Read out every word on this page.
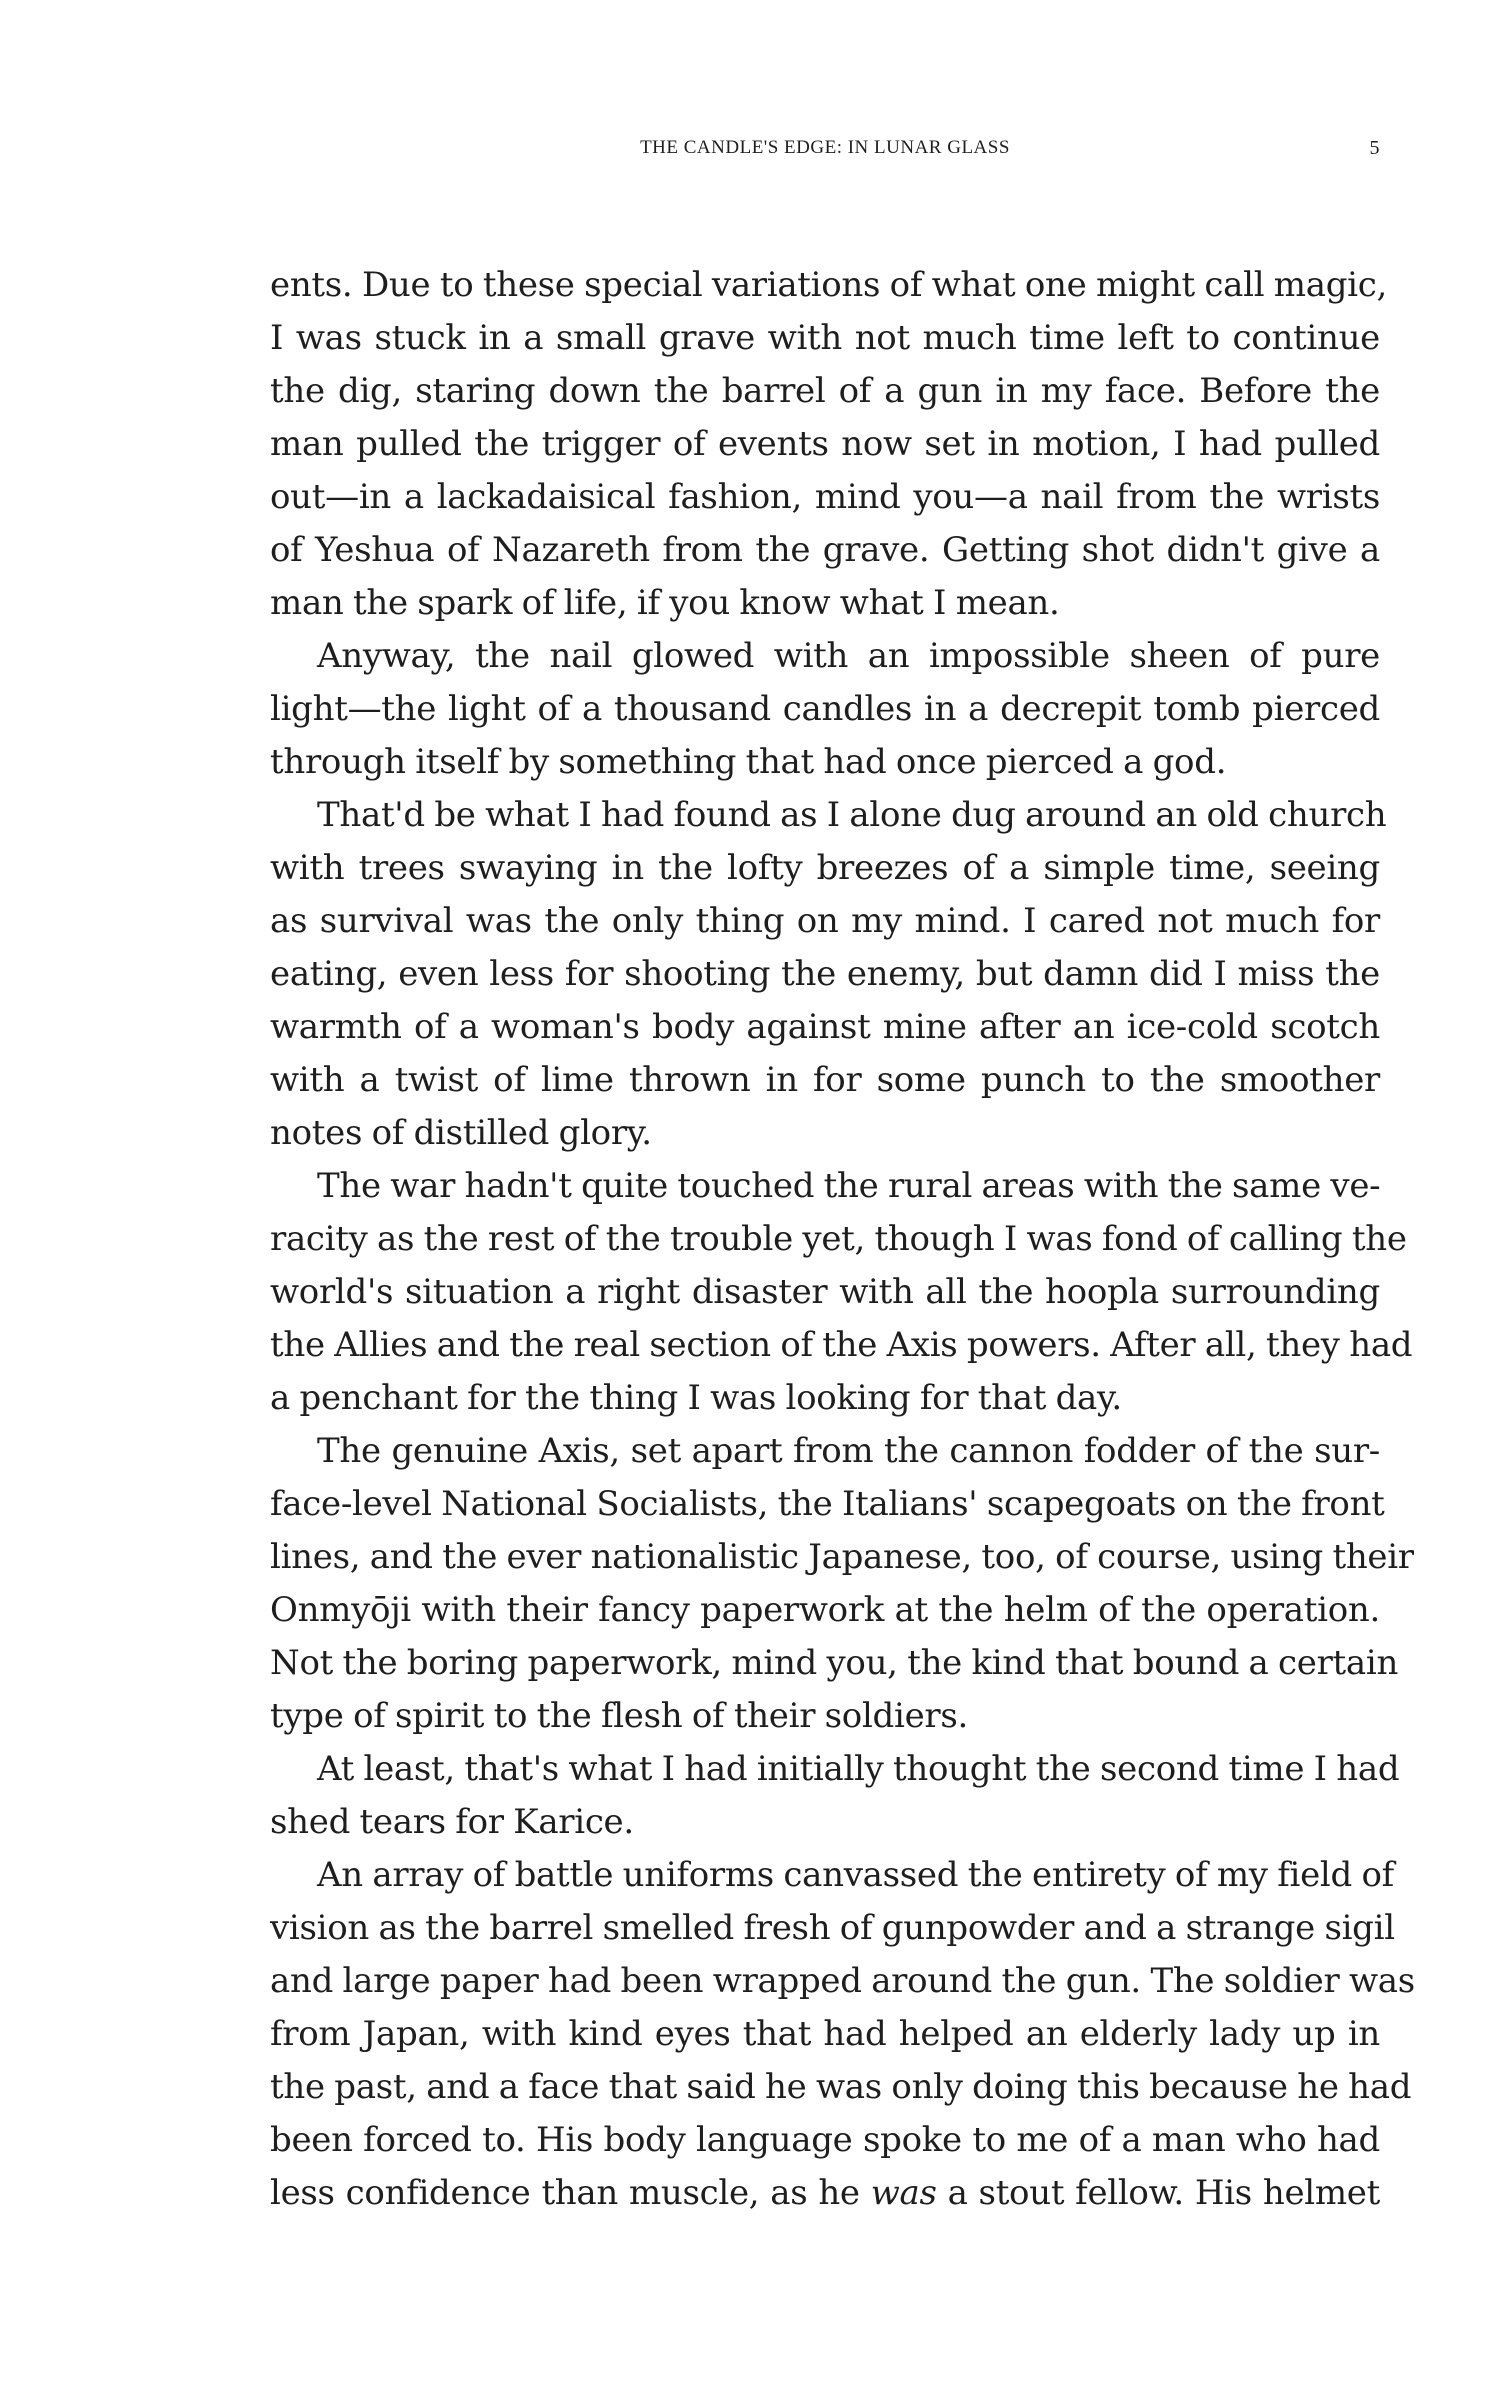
THE CANDLE'S EDGE: IN LUNAR GLASS	5
ents. Due to these special variations of what one might call magic,
I was stuck in a small grave with not much time left to continue
the dig, staring down the barrel of a gun in my face. Before the
man pulled the trigger of events now set in motion, I had pulled
out—in a lackadaisical fashion, mind you—a nail from the wrists
of Yeshua of Nazareth from the grave. Getting shot didn't give a
man the spark of life, if you know what I mean.
Anyway, the nail glowed with an impossible sheen of pure
light—the light of a thousand candles in a decrepit tomb pierced
through itself by something that had once pierced a god.
That'd be what I had found as I alone dug around an old church
with trees swaying in the lofty breezes of a simple time, seeing
as survival was the only thing on my mind. I cared not much for
eating, even less for shooting the enemy, but damn did I miss the
warmth of a woman's body against mine after an ice-cold scotch
with a twist of lime thrown in for some punch to the smoother
notes of distilled glory.
The war hadn't quite touched the rural areas with the same ve-
racity as the rest of the trouble yet, though I was fond of calling the
world's situation a right disaster with all the hoopla surrounding
the Allies and the real section of the Axis powers. After all, they had
a penchant for the thing I was looking for that day.
The genuine Axis, set apart from the cannon fodder of the sur-
face-level National Socialists, the Italians' scapegoats on the front
lines, and the ever nationalistic Japanese, too, of course, using their
Onmyōji with their fancy paperwork at the helm of the operation.
Not the boring paperwork, mind you, the kind that bound a certain
type of spirit to the flesh of their soldiers.
At least, that's what I had initially thought the second time I had
shed tears for Karice.
An array of battle uniforms canvassed the entirety of my field of
vision as the barrel smelled fresh of gunpowder and a strange sigil
and large paper had been wrapped around the gun. The soldier was
from Japan, with kind eyes that had helped an elderly lady up in
the past, and a face that said he was only doing this because he had
been forced to. His body language spoke to me of a man who had
less confidence than muscle, as he was a stout fellow. His helmet
